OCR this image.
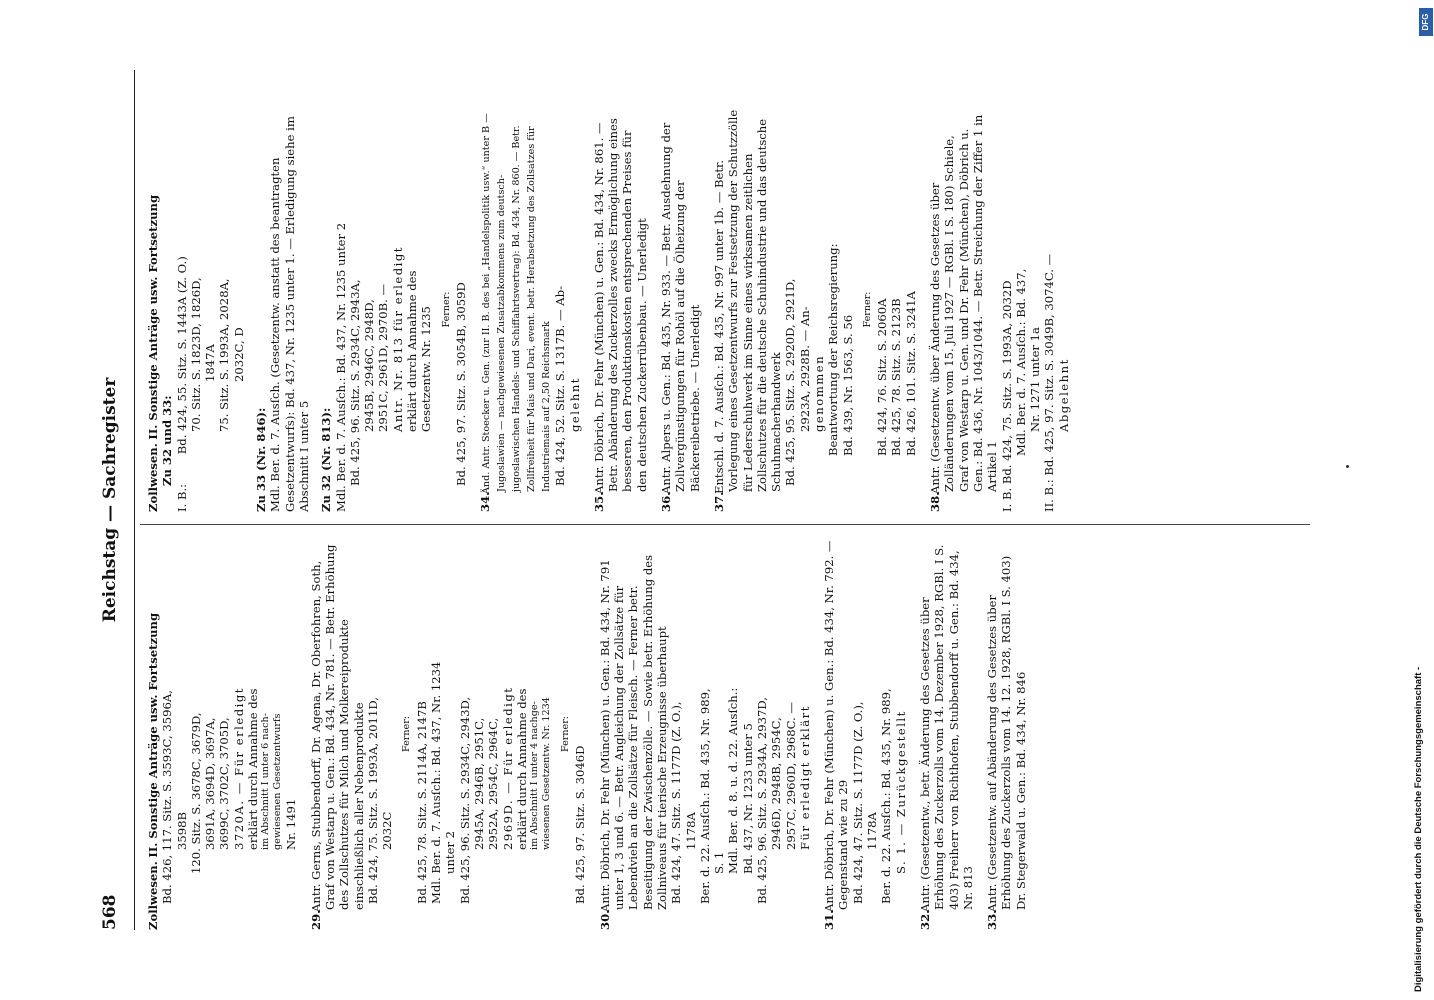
568
Reichstag — Sachregister

Zollwesen. II. Sonstige Anträge usw. Fortsetzung Bd. 426, 117. Sitz. S. 3593C, 3596A, 3598B 120. Sitz. S. 3678C, 3679D, 3691A, 3694D, 3697A, 3699C, 3702C, 3705D, 3720A. — Für erledigt erklärt durch Annahme des im Abschnitt I unter 6 nach- gewiesenen Gesetzentwurfs Nr. 1491

29.Antr. Gerns, Stubbendorff, Dr. Agena, Dr. Oberfohren, Soth, Graf von Westarp u. Gen.: Bd. 434, Nr. 781. — Betr. Erhöhung des Zollschutzes für Milch und Molkereiprodukte einschließlich aller Nebenprodukte Bd. 424, 75. Sitz. S. 1993A, 2011D, 2032C

Ferner: Bd. 425, 78. Sitz. S. 2114A, 2147B Mdl. Ber. d. 7. Ausſch.: Bd. 437, Nr. 1234 unter 2 Bd. 425, 96. Sitz. S. 2934C, 2943D, 2945A, 2946B, 2951C, 2952A, 2954C, 2964C, 2969D. — Für erledigt erklärt durch Annahme des im Abschnitt I unter 4 nachge- wiesenen Gesetzentw. Nr. 1234 Ferner:

Bd. 425, 97. Sitz. S. 3046D

30.Antr. Döbrich, Dr. Fehr (München) u. Gen.: Bd. 434, Nr. 791 unter 1, 3 und 6. — Betr. Angleichung der Zollsätze für Lebendvieh an die Zollsätze für Fleisch. — Ferner betr. Beseitigung der Zwischenzölle. — Sowie betr. Erhöhung des Zollniveaus für tierische Erzeugnisse überhaupt Bd. 424, 47. Sitz. S. 1177D (Z. O.), 1178A Ber. d. 22. Ausſch.: Bd. 435, Nr. 989, S. 1 Mdl. Ber. d. 8. u. d. 22. Ausſch.: Bd. 437, Nr. 1233 unter 5 Bd. 425, 96. Sitz. S. 2934A, 2937D, 2946D, 2948B, 2954C, 2957C, 2960D, 2968C. — Für erledigt erklärt

31.Antr. Döbrich, Dr. Fehr (München) u. Gen.: Bd. 434, Nr. 792. — Gegenstand wie zu 29 Bd. 424, 47. Sitz. S. 1177D (Z. O.), 1178A Ber. d. 22. Ausſch.: Bd. 435, Nr. 989, S. 1. — Zurückgestellt

32.Antr. (Gesetzentw., betr. Änderung des Gesetzes über Erhöhung des Zuckerzolls vom 14. Dezember 1928, RGBl. I S. 403) Freiherr von Richthofen, Stubbendorff u. Gen.: Bd. 434, Nr. 813
33.Antr. (Gesetzentw. auf Abänderung des Gesetzes über Erhöhung des Zuckerzolls vom 14. 12. 1928, RGBl. I S. 403) Dr. Stegerwald u. Gen.: Bd. 434, Nr. 846

Zollwesen. II. Sonstige Anträge usw. Fortsetzung

Zu 32 und 33:

I. B.: Bd. 424, 55. Sitz. S. 1443A (Z. O.) 70. Sitz. S. 1823D, 1826D, 1847A 75. Sitz. S. 1993A, 2028A, 2032C, D

Zu 33 (Nr. 846): Mdl. Ber. d. 7. Ausſch. (Gesetzentw. anstatt des beantragten Gesetzentwurfs): Bd. 437, Nr. 1235 unter 1. — Erledigung siehe im Abschnitt I unter 5 Zu 32 (Nr. 813): Mdl. Ber. d. 7. Ausſch.: Bd. 437, Nr. 1235 unter 2 Bd. 425, 96. Sitz. S. 2934C, 2943A, 2945B, 2946C, 2948D, 2951C, 2961D, 2970B. — Antr. Nr. 813 für erledigt erklärt durch Annahme des Gesetzentw. Nr. 1235 Ferner: Bd. 425, 97. Sitz. S. 3054B, 3059D

34.Änd. Antr. Stoecker u. Gen. (zur II. B. des bei „Handelspolitik usw.“ unter B — Jugoslawien — nachgewiesenen Zusatzabkommens zum deutsch-jugoslawischen Handels- und Schiffahrtsvertrag): Bd. 434, Nr. 860. — Betr. Zollfreiheit für Mais und Dari, event. betr. Herabsetzung des Zollsatzes für Industriemais auf 2,50 Reichsmark Bd. 424, 52. Sitz. S. 1317B. — Ab- gelehnt

35.Antr. Döbrich, Dr. Fehr (München) u. Gen.: Bd. 434, Nr. 861. — Betr. Abänderung des Zuckerzolles zwecks Ermöglichung eines besseren, den Produktionskosten entsprechenden Preises für den deutschen Zuckerrübenbau. — Unerledigt
36.Antr. Alpers u. Gen.: Bd. 435, Nr. 933. — Betr. Ausdehnung der Zollvergünstigungen für Rohöl auf die Ölheizung der Bäckereibetriebe. — Unerledigt
37.Entschl. d. 7. Ausſch.: Bd. 435, Nr. 997 unter 1b. — Betr. Vorlegung eines Gesetzentwurfs zur Festsetzung der Schutzzölle für Lederschuhwerk im Sinne eines wirksamen zeitlichen Zollschutzes für die deutsche Schuhindustrie und das deutsche Schuhmacherhandwerk Bd. 425, 95. Sitz. S. 2920D, 2921D, 2923A, 2928B. — An- genommen Beantwortung der Reichsregierung: Bd. 439, Nr. 1563, S. 56

Ferner: Bd. 424, 76. Sitz. S. 2060A Bd. 425, 78. Sitz. S. 2123B Bd. 426, 101. Sitz. S. 3241A

38.Antr. (Gesetzentw. über Änderung des Gesetzes über Zolländerungen vom 15. Juli 1927 — RGBl. I S. 180) Schiele, Graf von Westarp u. Gen. und Dr. Fehr (München), Döbrich u. Gen.: Bd. 436, Nr. 1043/1044. — Betr. Streichung der Ziffer 1 in Artikel 1 I. B. Bd. 424, 75. Sitz. S. 1993A, 2032D Mdl. Ber. d. 7. Ausſch.: Bd. 437, Nr. 1271 unter 1a II. B.: Bd. 425, 97. Sitz. S. 3049B, 3074C. — Abgelehnt

Digitalisierung gefördert durch die Deutsche Forschungsgemeinschaft -
DFG
